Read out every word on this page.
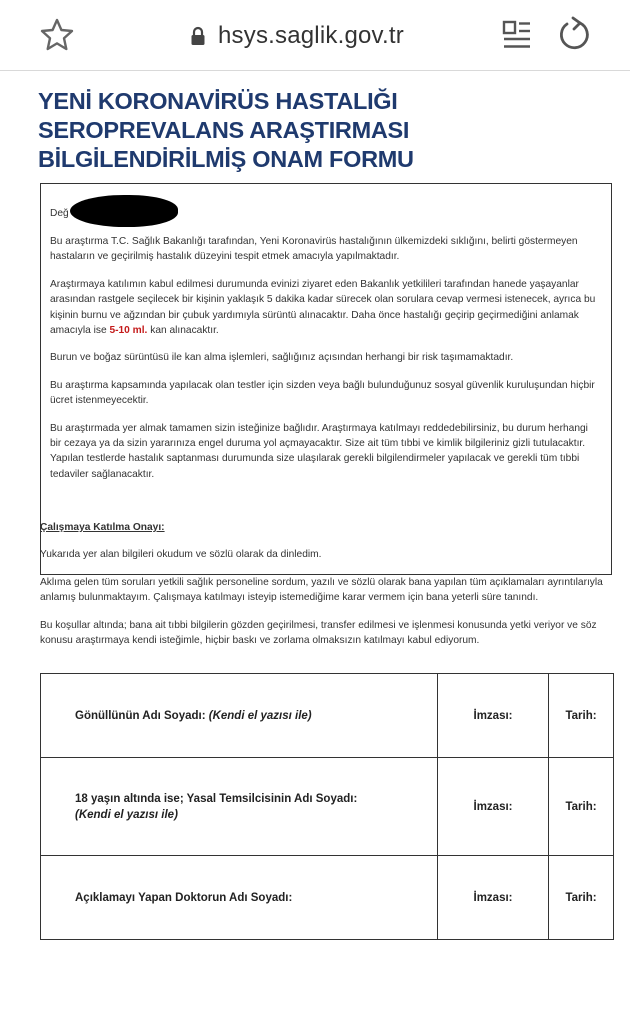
hsys.saglik.gov.tr
YENİ KORONAVİRÜS HASTALIĞI
SEROPREVALANS ARAŞTIRMASI
BİLGİLENDİRİLMİŞ ONAM FORMU

Değ

Bu araştırma T.C. Sağlık Bakanlığı tarafından, Yeni Koronavirüs hastalığının ülkemizdeki sıklığını, belirti göstermeyen hastaların ve geçirilmiş hastalık düzeyini tespit etmek amacıyla yapılmaktadır.

Araştırmaya katılımın kabul edilmesi durumunda evinizi ziyaret eden Bakanlık yetkilileri tarafından hanede yaşayanlar arasından rastgele seçilecek bir kişinin yaklaşık 5 dakika kadar sürecek olan sorulara cevap vermesi istenecek, ayrıca bu kişinin burnu ve ağzından bir çubuk yardımıyla sürüntü alınacaktır. Daha önce hastalığı geçirip geçirmediğini anlamak amacıyla ise 5-10 ml. kan alınacaktır.

Burun ve boğaz sürüntüsü ile kan alma işlemleri, sağlığınız açısından herhangi bir risk taşımamaktadır.

Bu araştırma kapsamında yapılacak olan testler için sizden veya bağlı bulunduğunuz sosyal güvenlik kuruluşundan hiçbir ücret istenmeyecektir.

Bu araştırmada yer almak tamamen sizin isteğinize bağlıdır. Araştırmaya katılmayı reddedebilirsiniz, bu durum herhangi bir cezaya ya da sizin yararınıza engel duruma yol açmayacaktır. Size ait tüm tıbbi ve kimlik bilgileriniz gizli tutulacaktır. Yapılan testlerde hastalık saptanması durumunda size ulaşılarak gerekli bilgilendirmeler yapılacak ve gerekli tüm tıbbi tedaviler sağlanacaktır.

Çalışmaya Katılma Onayı:

Yukarıda yer alan bilgileri okudum ve sözlü olarak da dinledim.

Aklıma gelen tüm soruları yetkili sağlık personeline sordum, yazılı ve sözlü olarak bana yapılan tüm açıklamaları ayrıntılarıyla anlamış bulunmaktayım. Çalışmaya katılmayı isteyip istemediğime karar vermem için bana yeterli süre tanındı.

Bu koşullar altında; bana ait tıbbi bilgilerin gözden geçirilmesi, transfer edilmesi ve işlenmesi konusunda yetki veriyor ve söz konusu araştırmaya kendi isteğimle, hiçbir baskı ve zorlama olmaksızın katılmayı kabul ediyorum.

Gönüllünün Adı Soyadı: (Kendi el yazısı ile)	İmzası:	Tarih:

18 yaşın altında ise; Yasal Temsilcisinin Adı Soyadı:
(Kendi el yazısı ile)	İmzası:	Tarih:
Açıklamayı Yapan Doktorun Adı Soyadı:	İmzası:	Tarih:
